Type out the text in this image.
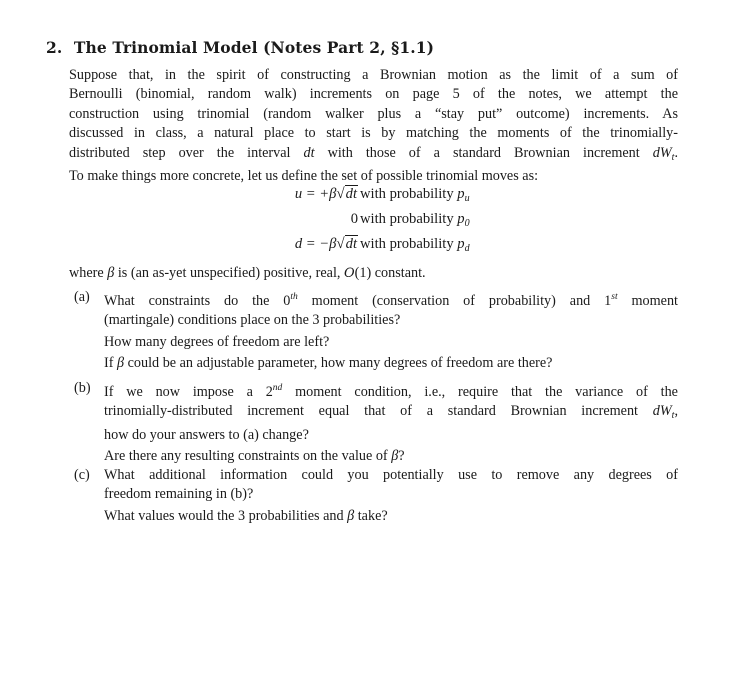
2. The Trinomial Model (Notes Part 2, §1.1)
Suppose that, in the spirit of constructing a Brownian motion as the limit of a sum of
Bernoulli (binomial, random walk) increments on page 5 of the notes, we attempt the
construction using trinomial (random walker plus a “stay put” outcome) increments. As
discussed in class, a natural place to start is by matching the moments of the trinomially-
distributed step over the interval dt with those of a standard Brownian increment $dW_t$.
To make things more concrete, let us define the set of possible trinomial moves as:
u = +β√dt with probability $p_u$
0 with probability $p_0$
d = −β√dt with probability $p_d$
where β is (an as-yet unspecified) positive, real, O(1) constant.
(a) What constraints do the 0th moment (conservation of probability) and 1st moment
(martingale) conditions place on the 3 probabilities?
How many degrees of freedom are left?
If β could be an adjustable parameter, how many degrees of freedom are there?
(b) If we now impose a 2nd moment condition, i.e., require that the variance of the
trinomially-distributed increment equal that of a standard Brownian increment $dW_t$,
how do your answers to (a) change?
Are there any resulting constraints on the value of β?
(c) What additional information could you potentially use to remove any degrees of
freedom remaining in (b)?
What values would the 3 probabilities and β take?
